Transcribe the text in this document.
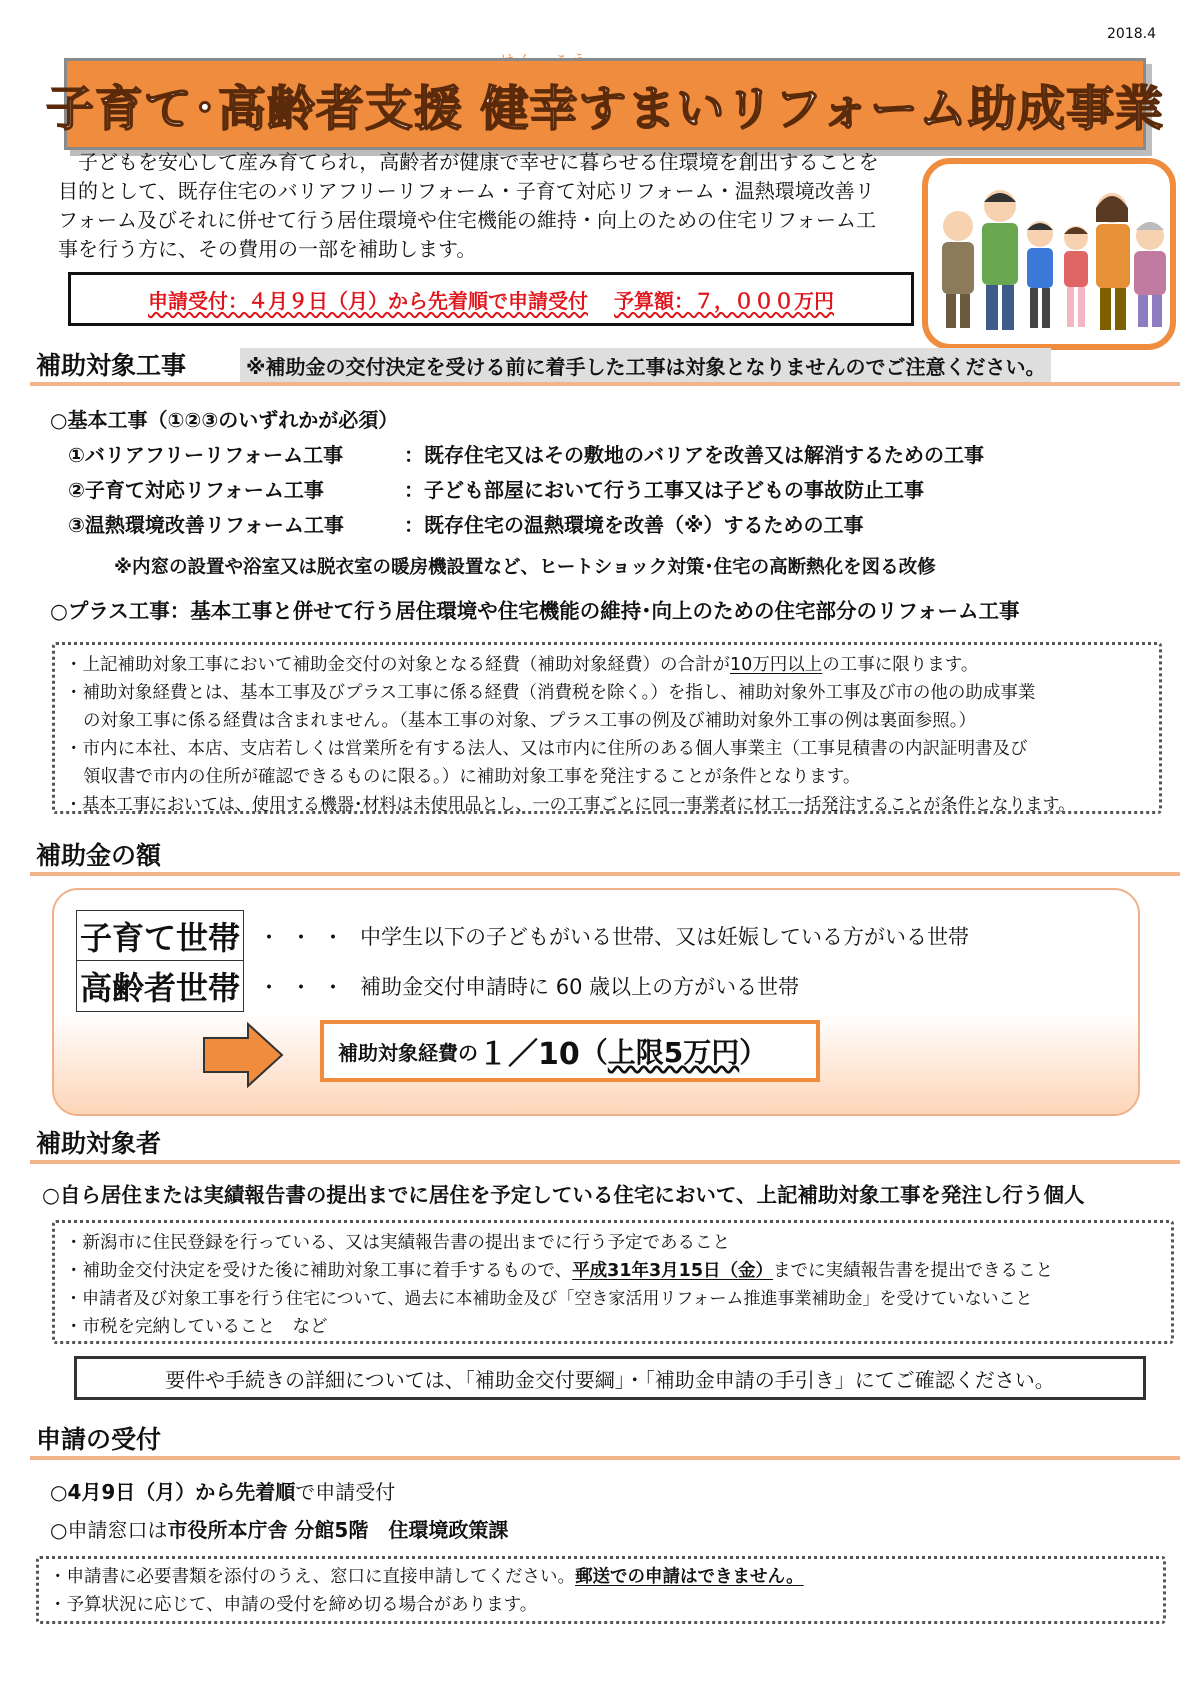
2018.4
子育て･高齢者支援 健幸すまいリフォーム助成事業
子どもを安心して産み育てられ，高齢者が健康で幸せに暮らせる住環境を創出することを目的として、既存住宅のバリアフリーリフォーム・子育て対応リフォーム・温熱環境改善リフォーム及びそれに併せて行う居住環境や住宅機能の維持・向上のための住宅リフォーム工事を行う方に、その費用の一部を補助します。
申請受付：４月９日（月）から先着順で申請受付 予算額：７，０００万円
補助対象工事	※補助金の交付決定を受ける前に着手した工事は対象となりませんのでご注意ください。
○基本工事（①②③のいずれかが必須）
①バリアフリーリフォーム工事	：既存住宅又はその敷地のバリアを改善又は解消するための工事
②子育て対応リフォーム工事	：子ども部屋において行う工事又は子どもの事故防止工事
③温熱環境改善リフォーム工事	：既存住宅の温熱環境を改善（※）するための工事
※内窓の設置や浴室又は脱衣室の暖房機設置など、ヒートショック対策･住宅の高断熱化を図る改修
○プラス工事：基本工事と併せて行う居住環境や住宅機能の維持･向上のための住宅部分のリフォーム工事
・上記補助対象工事において補助金交付の対象となる経費（補助対象経費）の合計が10万円以上の工事に限ります。
・補助対象経費とは、基本工事及びプラス工事に係る経費（消費税を除く。）を指し、補助対象外工事及び市の他の助成事業
の対象工事に係る経費は含まれません。（基本工事の対象、プラス工事の例及び補助対象外工事の例は裏面参照。）
・市内に本社、本店、支店若しくは営業所を有する法人、又は市内に住所のある個人事業主（工事見積書の内訳証明書及び
領収書で市内の住所が確認できるものに限る。）に補助対象工事を発注することが条件となります。
・基本工事においては、使用する機器･材料は未使用品とし、一の工事ごとに同一事業者に材工一括発注することが条件となります。
補助金の額
子育て世帯 ・・・ 中学生以下の子どもがいる世帯、又は妊娠している方がいる世帯
高齢者世帯 ・・・ 補助金交付申請時に 60 歳以上の方がいる世帯
補助対象経費の １／10 （ 上限5万円 ）
補助対象者
○自ら居住または実績報告書の提出までに居住を予定している住宅において、上記補助対象工事を発注し行う個人
・新潟市に住民登録を行っている、又は実績報告書の提出までに行う予定であること
・補助金交付決定を受けた後に補助対象工事に着手するもので、平成31年3月15日（金）までに実績報告書を提出できること
・申請者及び対象工事を行う住宅について、過去に本補助金及び「空き家活用リフォーム推進事業補助金」を受けていないこと
・市税を完納していること　など
要件や手続きの詳細については、「補助金交付要綱」・「補助金申請の手引き」にてご確認ください。
申請の受付
○4月9日（月）から先着順で申請受付
○申請窓口は市役所本庁舎 分館5階　住環境政策課
・申請書に必要書類を添付のうえ、窓口に直接申請してください。郵送での申請はできません。
・予算状況に応じて、申請の受付を締め切る場合があります。
